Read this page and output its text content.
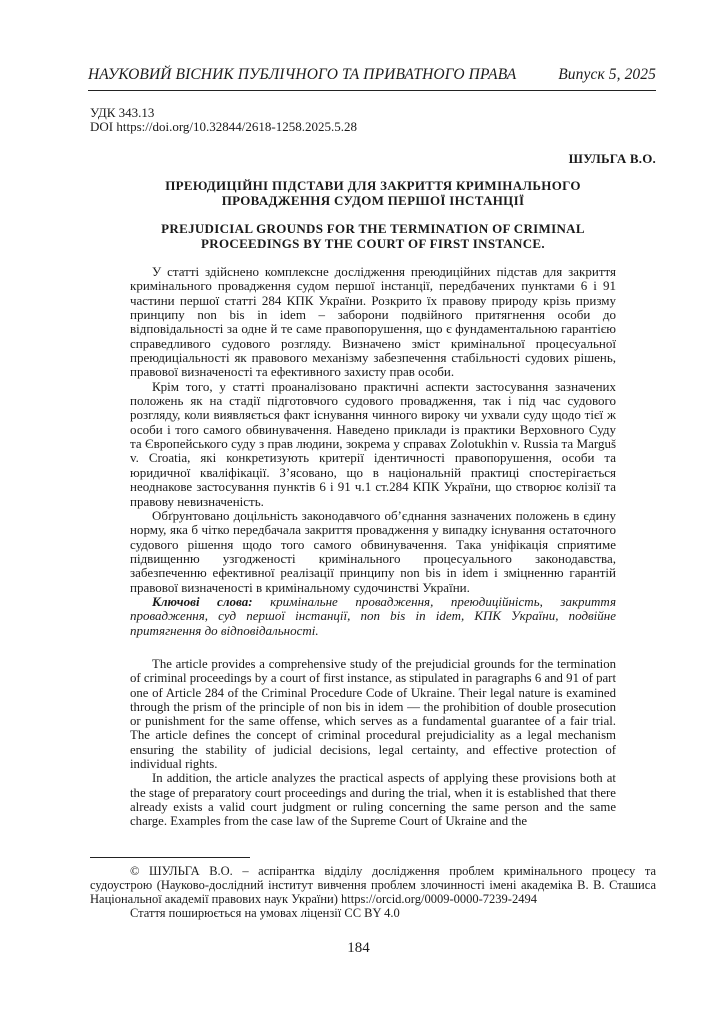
НАУКОВИЙ ВІСНИК ПУБЛІЧНОГО ТА ПРИВАТНОГО ПРАВА	Випуск 5, 2025
УДК 343.13
DOI https://doi.org/10.32844/2618-1258.2025.5.28
ШУЛЬГА В.О.
ПРЕЮДИЦІЙНІ ПІДСТАВИ ДЛЯ ЗАКРИТТЯ КРИМІНАЛЬНОГО
ПРОВАДЖЕННЯ СУДОМ ПЕРШОЇ ІНСТАНЦІЇ
PREJUDICIAL GROUNDS FOR THE TERMINATION OF CRIMINAL
PROCEEDINGS BY THE COURT OF FIRST INSTANCE.

У статті здійснено комплексне дослідження преюдиційних підстав для закриття кримінального провадження судом першої інстанції, передбачених пунктами 6 і 91 частини першої статті 284 КПК України. Розкрито їх правову природу крізь призму принципу non bis in idem – заборони подвійного притягнення особи до відповідальності за одне й те саме правопорушення, що є фундаментальною гарантією справедливого судового розгляду. Визначено зміст кримінальної процесуальної преюдиціальності як правового механізму забезпечення стабільності судових рішень, правової визначеності та ефективного захисту прав особи.

Крім того, у статті проаналізовано практичні аспекти застосування зазначених положень як на стадії підготовчого судового провадження, так і під час судового розгляду, коли виявляється факт існування чинного вироку чи ухвали суду щодо тієї ж особи і того самого обвинувачення. Наведено приклади із практики Верховного Суду та Європейського суду з прав людини, зокрема у справах Zolotukhin v. Russia та Marguš v. Croatia, які конкретизують критерії ідентичності правопорушення, особи та юридичної кваліфікації. З’ясовано, що в національній практиці спостерігається неоднакове застосування пунктів 6 і 91 ч.1 ст.284 КПК України, що створює колізії та правову невизначеність.

Обґрунтовано доцільність законодавчого об’єднання зазначених положень в єдину норму, яка б чітко передбачала закриття провадження у випадку існування остаточного судового рішення щодо того самого обвинувачення. Така уніфікація сприятиме підвищенню узгодженості кримінального процесуального законодавства, забезпеченню ефективної реалізації принципу non bis in idem і зміцненню гарантій правової визначеності в кримінальному судочинстві України.

Ключові слова: кримінальне провадження, преюдиційність, закриття провадження, суд першої інстанції, non bis in idem, КПК України, подвійне притягнення до відповідальності.

The article provides a comprehensive study of the prejudicial grounds for the termination of criminal proceedings by a court of first instance, as stipulated in paragraphs 6 and 91 of part one of Article 284 of the Criminal Procedure Code of Ukraine. Their legal nature is examined through the prism of the principle of non bis in idem — the prohibition of double prosecution or punishment for the same offense, which serves as a fundamental guarantee of a fair trial. The article defines the concept of criminal procedural prejudiciality as a legal mechanism ensuring the stability of judicial decisions, legal certainty, and effective protection of individual rights.

In addition, the article analyzes the practical aspects of applying these provisions both at the stage of preparatory court proceedings and during the trial, when it is established that there already exists a valid court judgment or ruling concerning the same person and the same charge. Examples from the case law of the Supreme Court of Ukraine and the

© ШУЛЬГА В.О. – аспірантка відділу дослідження проблем кримінального процесу та судоустрою (Науково-дослідний інститут вивчення проблем злочинності імені академіка В. В. Сташиса Національної академії правових наук України) https://orcid.org/0009-0000-7239-2494

Стаття поширюється на умовах ліцензії CC BY 4.0

184
